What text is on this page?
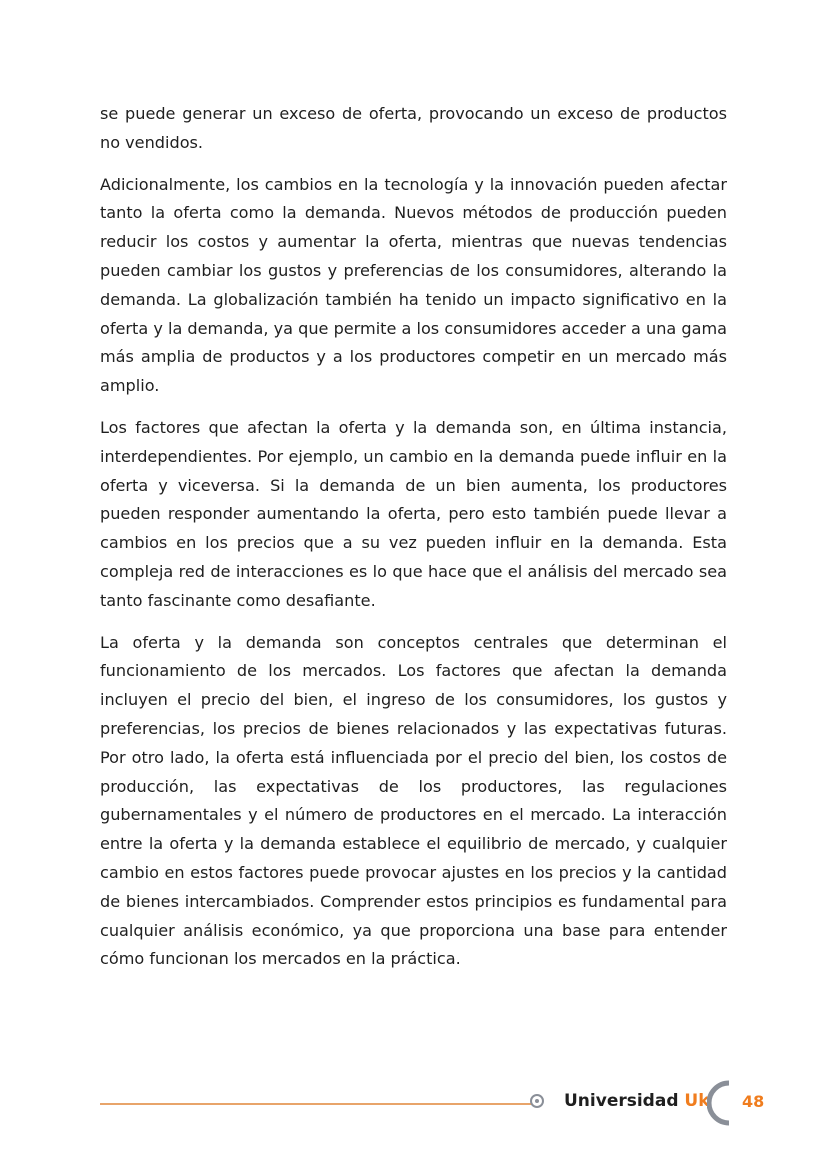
se puede generar un exceso de oferta, provocando un exceso de productos no vendidos.

Adicionalmente, los cambios en la tecnología y la innovación pueden afectar tanto la oferta como la demanda. Nuevos métodos de producción pueden reducir los costos y aumentar la oferta, mientras que nuevas tendencias pueden cambiar los gustos y preferencias de los consumidores, alterando la demanda. La globalización también ha tenido un impacto significativo en la oferta y la demanda, ya que permite a los consumidores acceder a una gama más amplia de productos y a los productores competir en un mercado más amplio.

Los factores que afectan la oferta y la demanda son, en última instancia, interdependientes. Por ejemplo, un cambio en la demanda puede influir en la oferta y viceversa. Si la demanda de un bien aumenta, los productores pueden responder aumentando la oferta, pero esto también puede llevar a cambios en los precios que a su vez pueden influir en la demanda. Esta compleja red de interacciones es lo que hace que el análisis del mercado sea tanto fascinante como desafiante.

La oferta y la demanda son conceptos centrales que determinan el funcionamiento de los mercados. Los factores que afectan la demanda incluyen el precio del bien, el ingreso de los consumidores, los gustos y preferencias, los precios de bienes relacionados y las expectativas futuras. Por otro lado, la oferta está influenciada por el precio del bien, los costos de producción, las expectativas de los productores, las regulaciones gubernamentales y el número de productores en el mercado. La interacción entre la oferta y la demanda establece el equilibrio de mercado, y cualquier cambio en estos factores puede provocar ajustes en los precios y la cantidad de bienes intercambiados. Comprender estos principios es fundamental para cualquier análisis económico, ya que proporciona una base para entender cómo funcionan los mercados en la práctica.

Universidad Uk 48
